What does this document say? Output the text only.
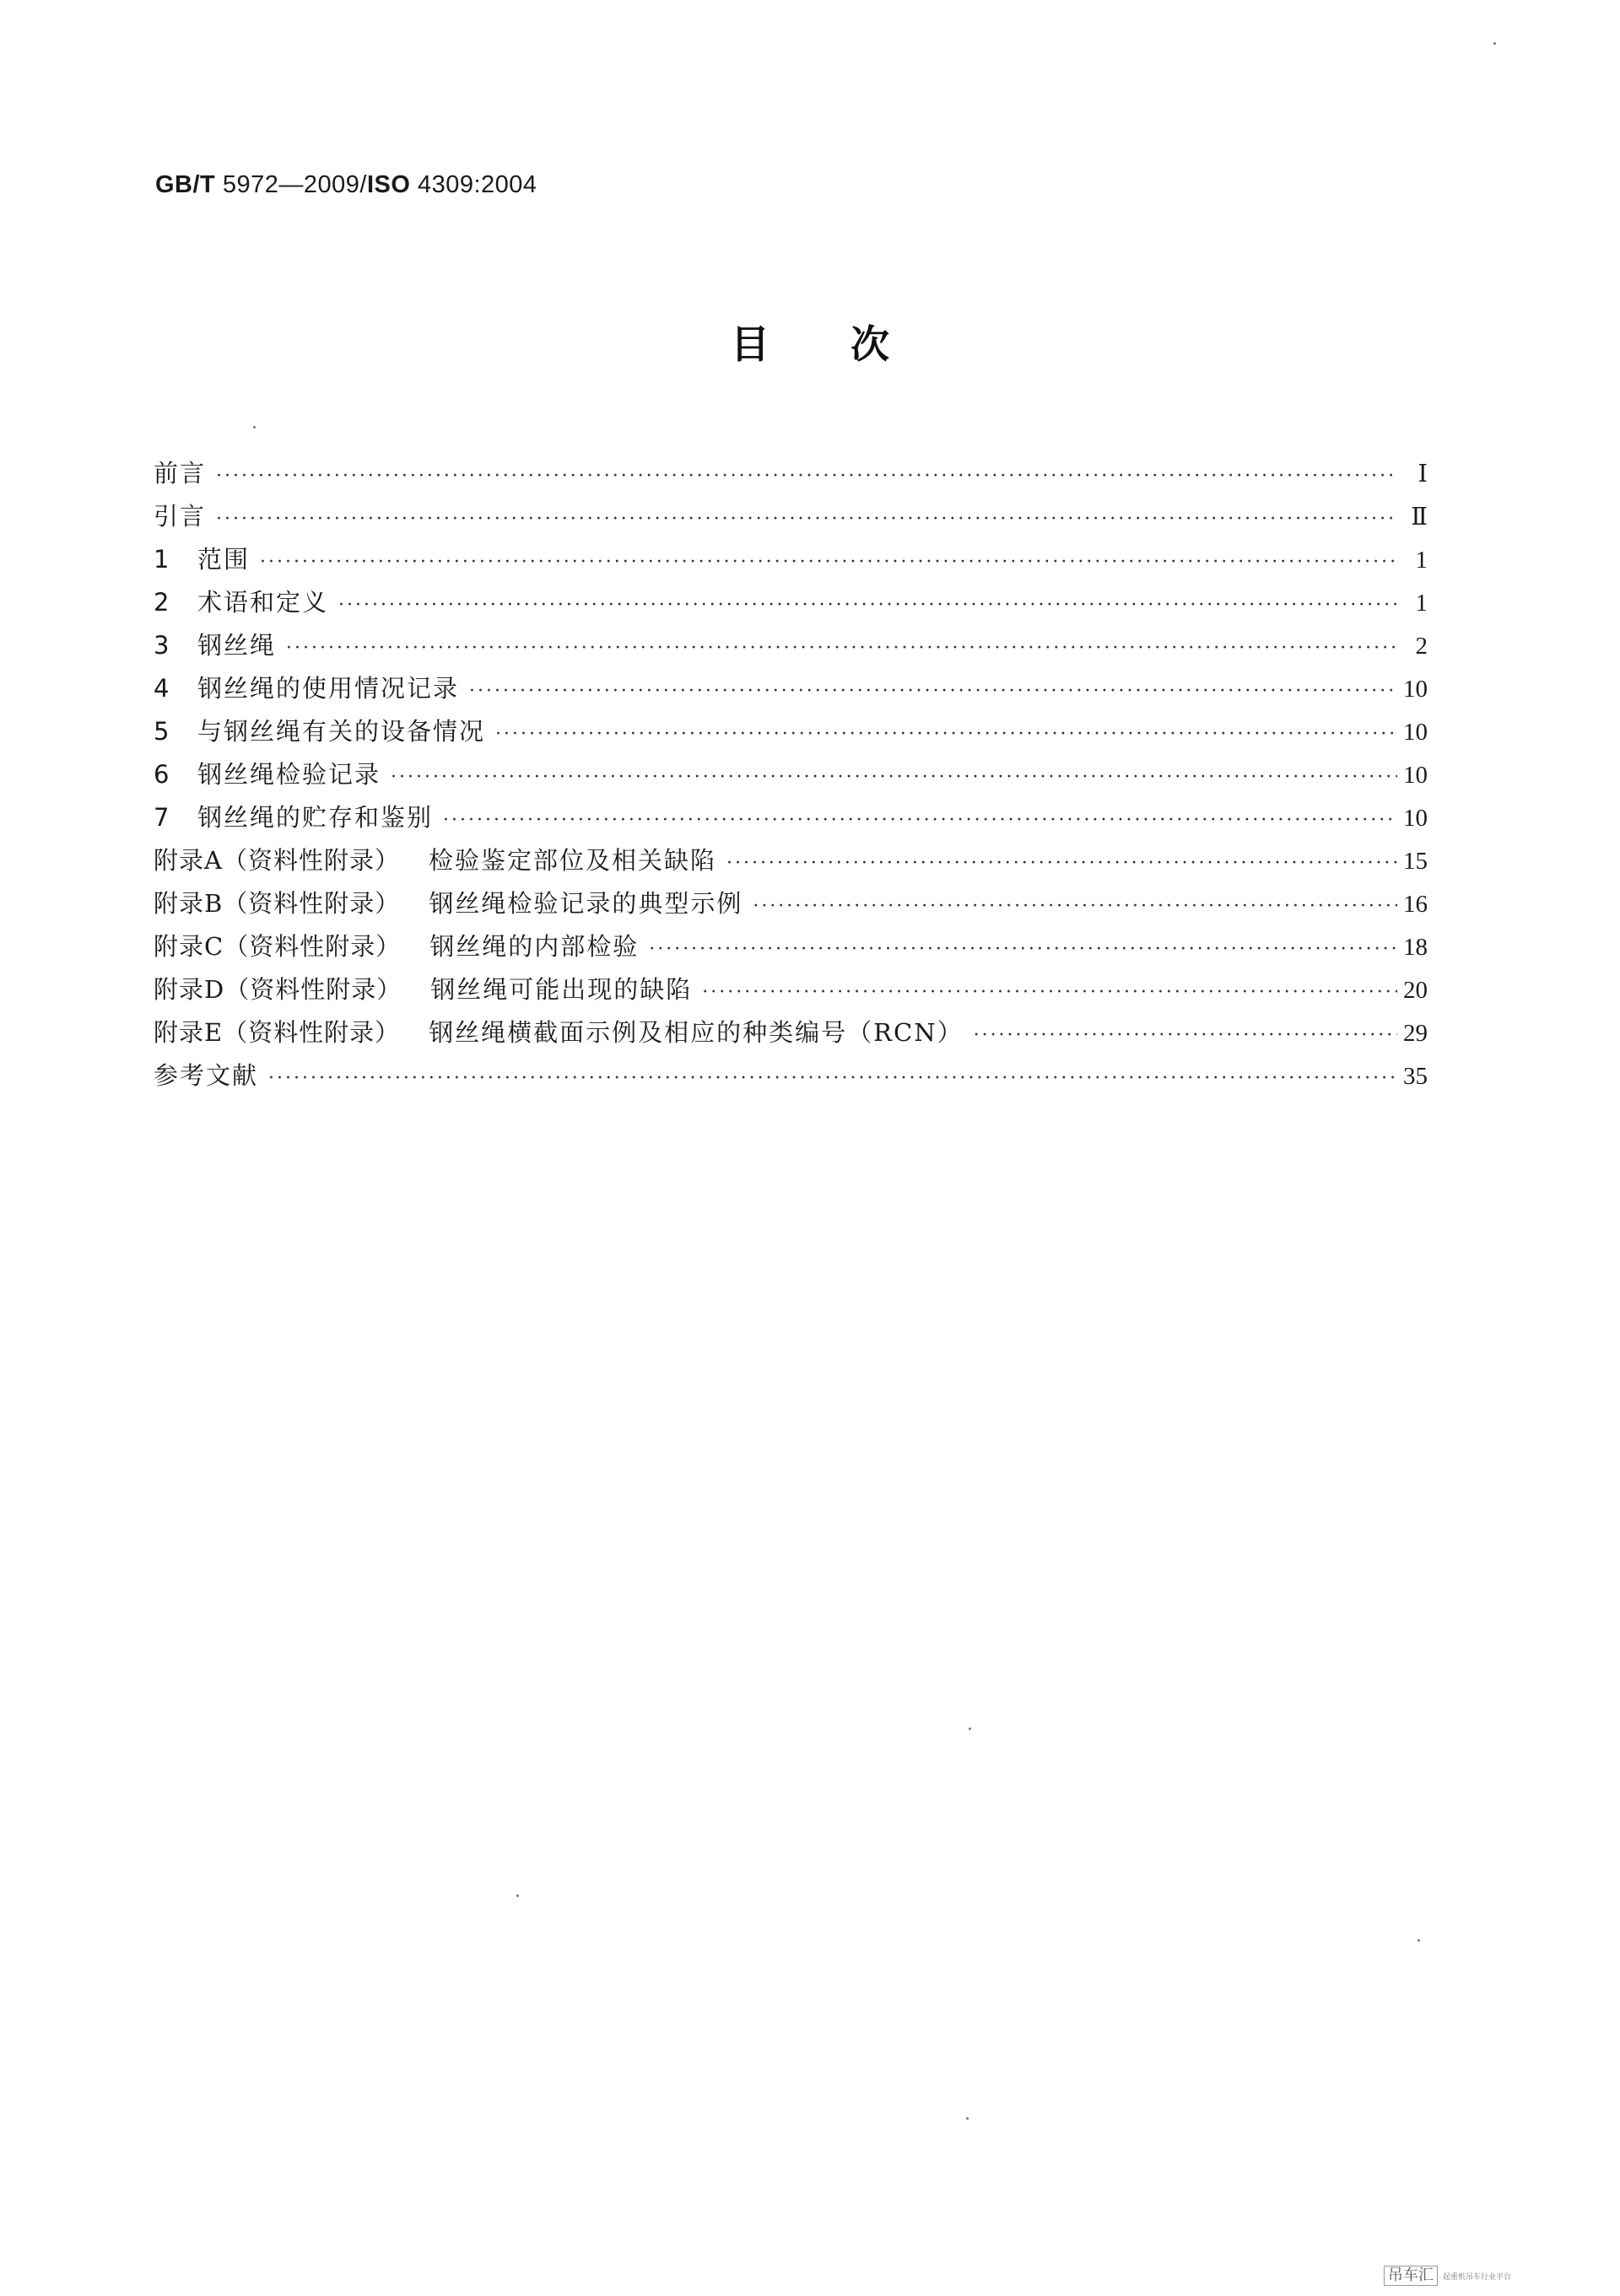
GB/T 5972—2009/ISO 4309:2004
目次
前言 ·····	Ⅰ
引言 ·····	Ⅱ
1	范围 ·····	1
2	术语和定义 ·····	1
3	钢丝绳 ·····	2
4	钢丝绳的使用情况记录 ·····	10
5	与钢丝绳有关的设备情况 ·····	10
6	钢丝绳检验记录 ·····	10
7	钢丝绳的贮存和鉴别 ·····	10
附录A（资料性附录） 检验鉴定部位及相关缺陷 ·····	15
附录B（资料性附录） 钢丝绳检验记录的典型示例 ·····	16
附录C（资料性附录） 钢丝绳的内部检验 ·····	18
附录D（资料性附录） 钢丝绳可能出现的缺陷 ·····	20
附录E（资料性附录） 钢丝绳横截面示例及相应的种类编号（RCN） ·····	29
参考文献 ·····	35
吊车汇	起重机吊车行业平台
